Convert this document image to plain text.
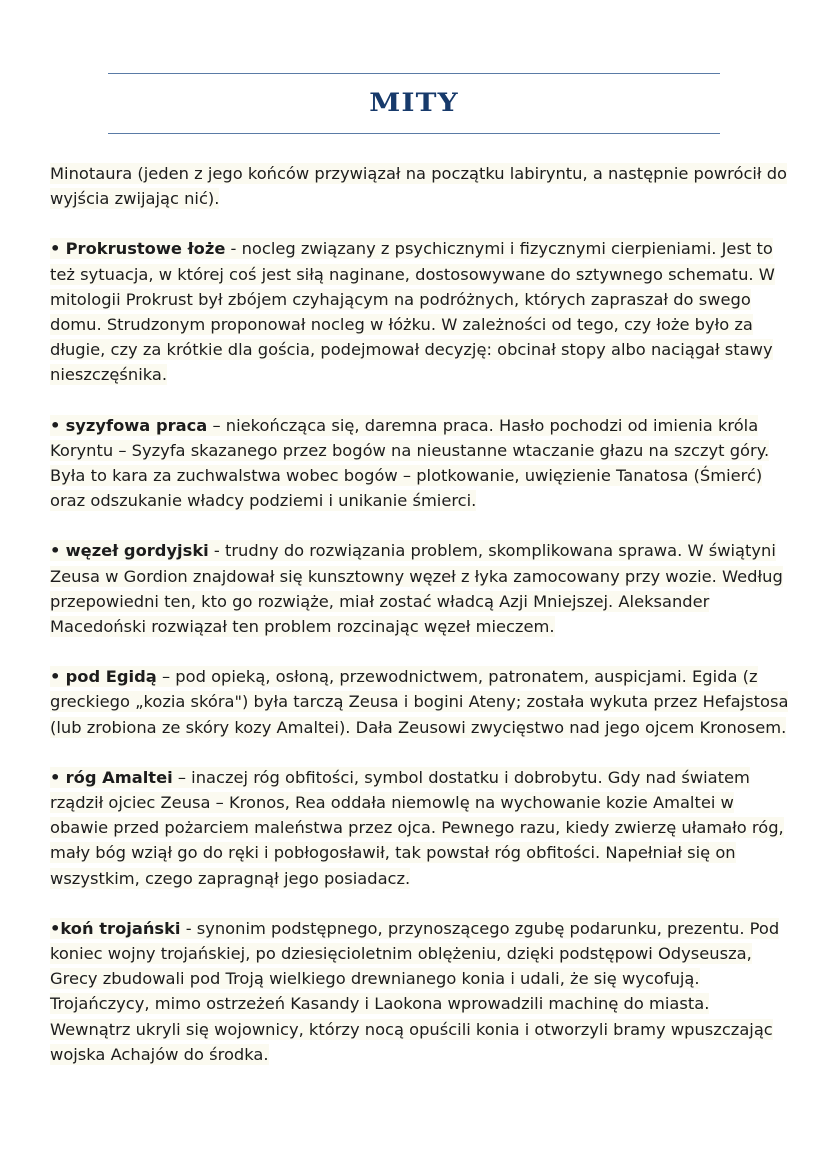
MITY

Minotaura (jeden z jego końców przywiązał na początku labiryntu, a następnie powrócił do wyjścia zwijając nić).

• Prokrustowe łoże - nocleg związany z psychicznymi i fizycznymi cierpieniami. Jest to też sytuacja, w której coś jest siłą naginane, dostosowywane do sztywnego schematu. W mitologii Prokrust był zbójem czyhającym na podróżnych, których zapraszał do swego domu. Strudzonym proponował nocleg w łóżku. W zależności od tego, czy łoże było za długie, czy za krótkie dla gościa, podejmował decyzję: obcinał stopy albo naciągał stawy nieszczęśnika.

• syzyfowa praca – niekończąca się, daremna praca. Hasło pochodzi od imienia króla Koryntu – Syzyfa skazanego przez bogów na nieustanne wtaczanie głazu na szczyt góry. Była to kara za zuchwalstwa wobec bogów – plotkowanie, uwięzienie Tanatosa (Śmierć) oraz odszukanie władcy podziemi i unikanie śmierci.

• węzeł gordyjski - trudny do rozwiązania problem, skomplikowana sprawa. W świątyni Zeusa w Gordion znajdował się kunsztowny węzeł z łyka zamocowany przy wozie. Według przepowiedni ten, kto go rozwiąże, miał zostać władcą Azji Mniejszej. Aleksander Macedoński rozwiązał ten problem rozcinając węzeł mieczem.

• pod Egidą – pod opieką, osłoną, przewodnictwem, patronatem, auspicjami. Egida (z greckiego „kozia skóra") była tarczą Zeusa i bogini Ateny; została wykuta przez Hefajstosa (lub zrobiona ze skóry kozy Amaltei). Dała Zeusowi zwycięstwo nad jego ojcem Kronosem.

• róg Amaltei – inaczej róg obfitości, symbol dostatku i dobrobytu. Gdy nad światem rządził ojciec Zeusa – Kronos, Rea oddała niemowlę na wychowanie kozie Amaltei w obawie przed pożarciem maleństwa przez ojca. Pewnego razu, kiedy zwierzę ułamało róg, mały bóg wziął go do ręki i pobłogosławił, tak powstał róg obfitości. Napełniał się on wszystkim, czego zapragnął jego posiadacz.

•koń trojański - synonim podstępnego, przynoszącego zgubę podarunku, prezentu. Pod koniec wojny trojańskiej, po dziesięcioletnim oblężeniu, dzięki podstępowi Odyseusza, Grecy zbudowali pod Troją wielkiego drewnianego konia i udali, że się wycofują. Trojańczycy, mimo ostrzeżeń Kasandy i Laokona wprowadzili machinę do miasta. Wewnątrz ukryli się wojownicy, którzy nocą opuścili konia i otworzyli bramy wpuszczając wojska Achajów do środka.
